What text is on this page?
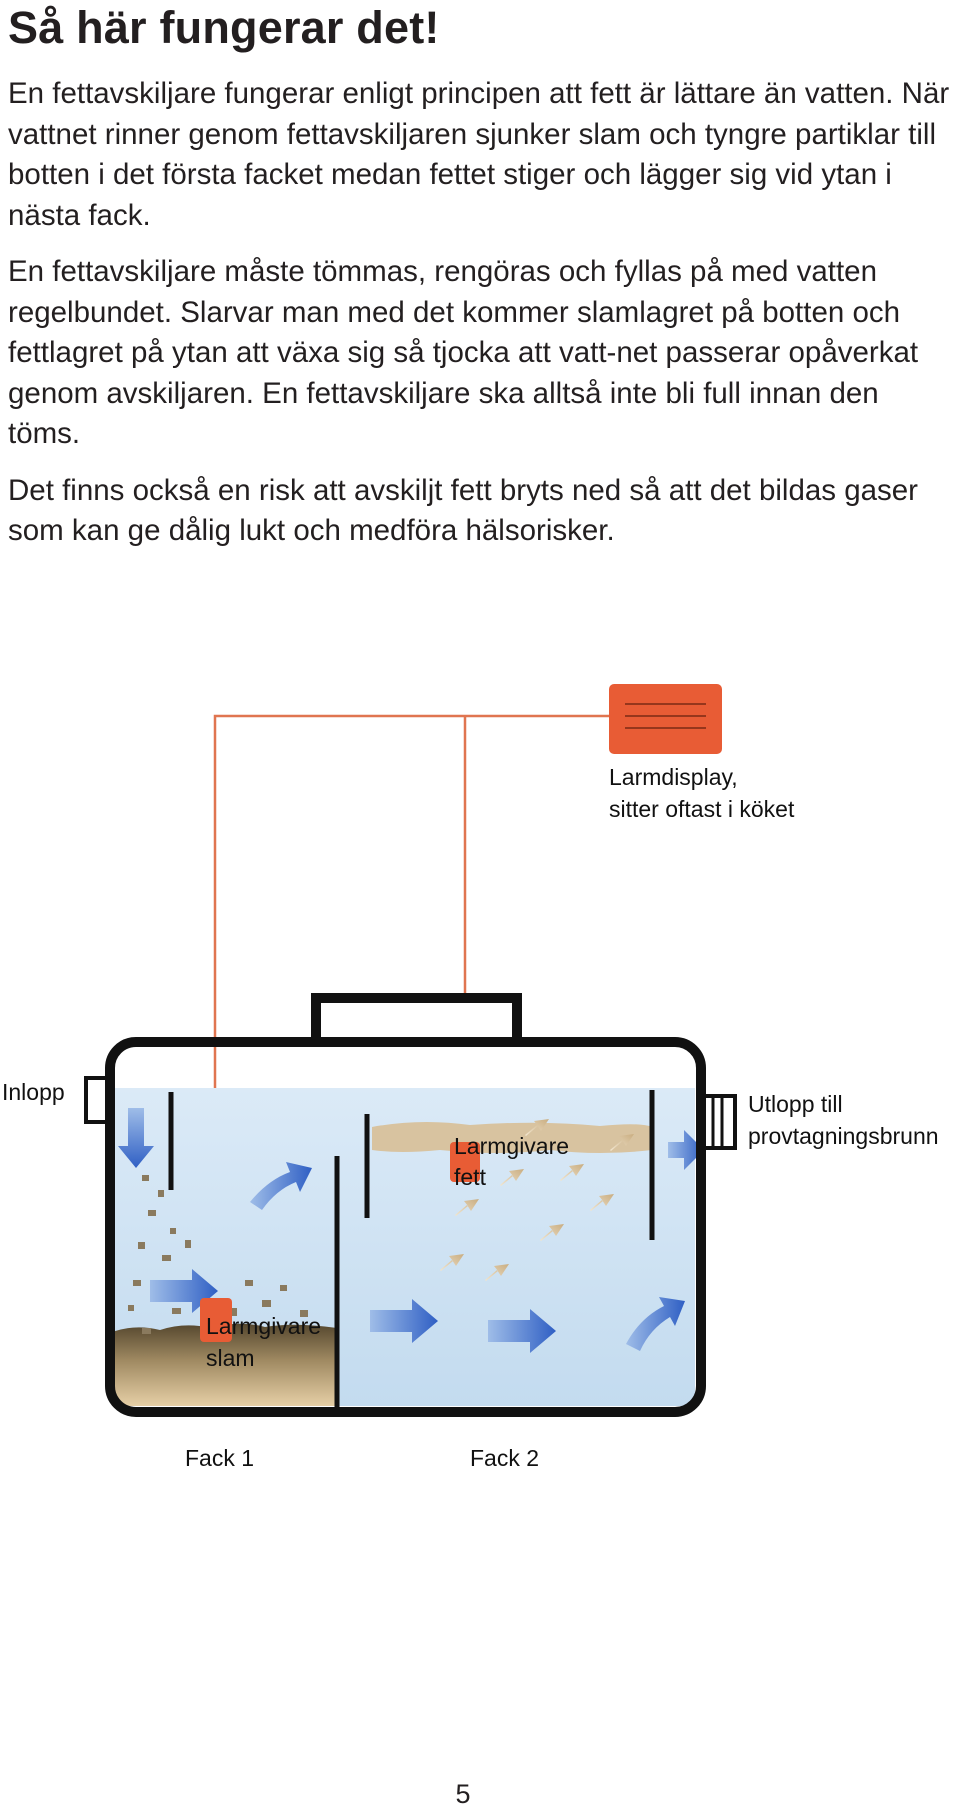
Så här fungerar det!

En fettavskiljare fungerar enligt principen att fett är lättare än vatten. När vattnet rinner genom fettavskiljaren sjunker slam och tyngre partiklar till botten i det första facket medan fettet stiger och lägger sig vid ytan i nästa fack.

En fettavskiljare måste tömmas, rengöras och fyllas på med vatten regelbundet. Slarvar man med det kommer slamlagret på botten och fettlagret på ytan att växa sig så tjocka att vatt-net passerar opåverkat genom avskiljaren. En fettavskiljare ska alltså inte bli full innan den töms.

Det finns också en risk att avskiljt fett bryts ned så att det bildas gaser som kan ge dålig lukt och medföra hälsorisker.

Larmdisplay, sitter oftast i köket
Inlopp	Utlopp till provtagningsbrunn
Larmgivare fett
Larmgivare slam
Fack 1	Fack 2
5
